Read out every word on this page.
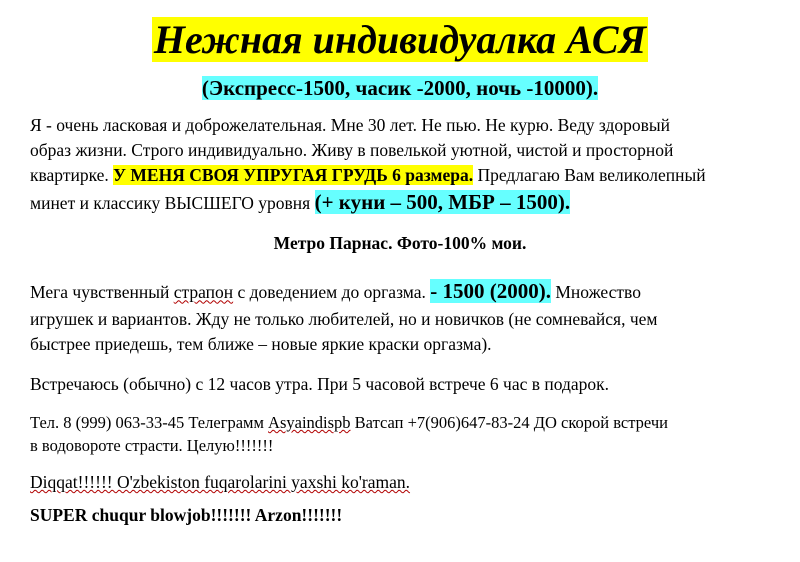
Нежная индивидуалка АСЯ
(Экспресс-1500, часик -2000, ночь -10000).
Я - очень ласковая и доброжелательная. Мне 30 лет. Не пью. Не курю. Веду здоровый
образ жизни. Строго индивидуально. Живу в повелькой уютной, чистой и просторной
квартирке. У МЕНЯ СВОЯ УПРУГАЯ ГРУДЬ 6 размера. Предлагаю Вам великолепный
минет и классику ВЫСШЕГО уровня (+ куни – 500, МБР – 1500).
Метро Парнас. Фото-100% мои.
Мега чувственный страпон с доведением до оргазма. - 1500 (2000). Множество
игрушек и вариантов. Жду не только любителей, но и новичков (не сомневайся, чем
быстрее приедешь, тем ближе – новые яркие краски оргазма).
Встречаюсь (обычно) с 12 часов утра. При 5 часовой встрече 6 час в подарок.
Тел. 8 (999) 063-33-45 Телеграмм Asyaindispb Ватсап +7(906)647-83-24 ДО скорой встречи
в водовороте страсти. Целую!!!!!!!
Diqqat!!!!!! O'zbekiston fuqarolarini yaxshi ko'raman.
SUPER chuqur blowjob!!!!!!! Arzon!!!!!!!
